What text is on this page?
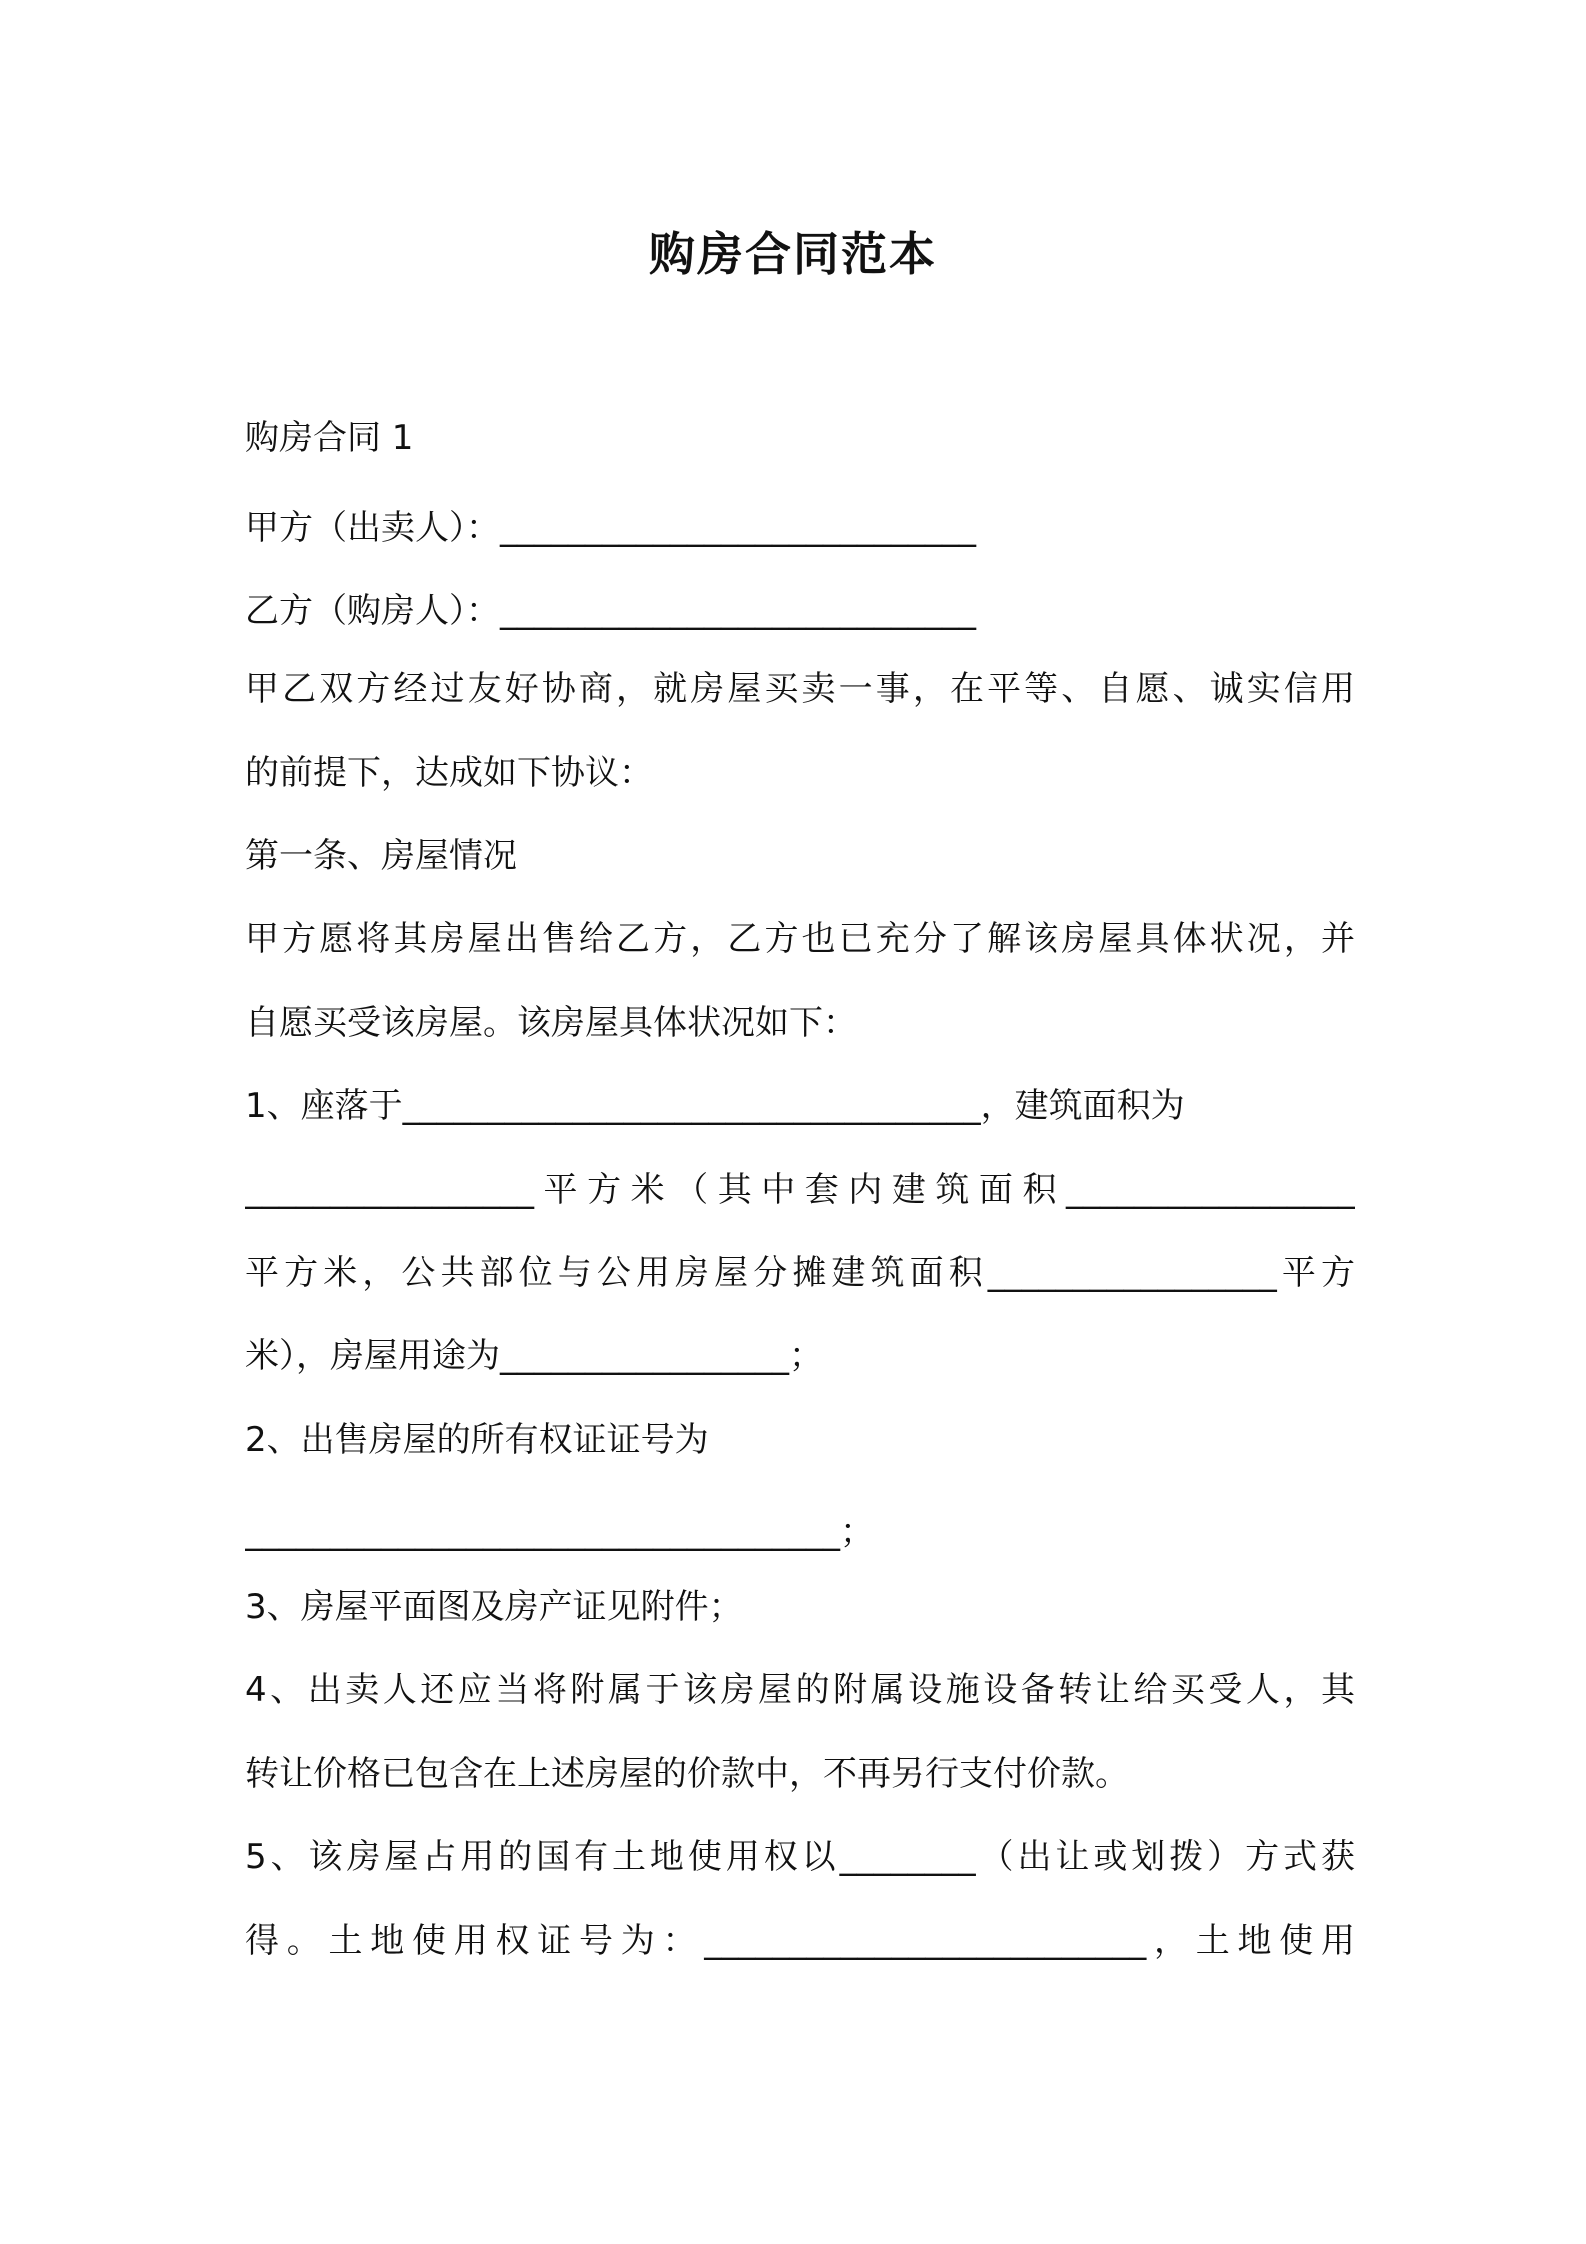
购房合同范本
购房合同 1
甲方（出卖人）：____________________________
乙方（购房人）：____________________________
甲乙双方经过友好协商，就房屋买卖一事，在平等、自愿、诚实信用
的前提下，达成如下协议：
第一条、房屋情况
甲方愿将其房屋出售给乙方，乙方也已充分了解该房屋具体状况，并
自愿买受该房屋。该房屋具体状况如下：
1、座落于__________________________________，建筑面积为
_________________平方米（其中套内建筑面积_________________
平方米，公共部位与公用房屋分摊建筑面积_________________平方
米），房屋用途为_________________；
2、出售房屋的所有权证证号为
___________________________________；
3、房屋平面图及房产证见附件；
4、出卖人还应当将附属于该房屋的附属设施设备转让给买受人，其
转让价格已包含在上述房屋的价款中，不再另行支付价款。
5、该房屋占用的国有土地使用权以________（出让或划拨）方式获
得。土地使用权证号为：__________________________，土地使用
